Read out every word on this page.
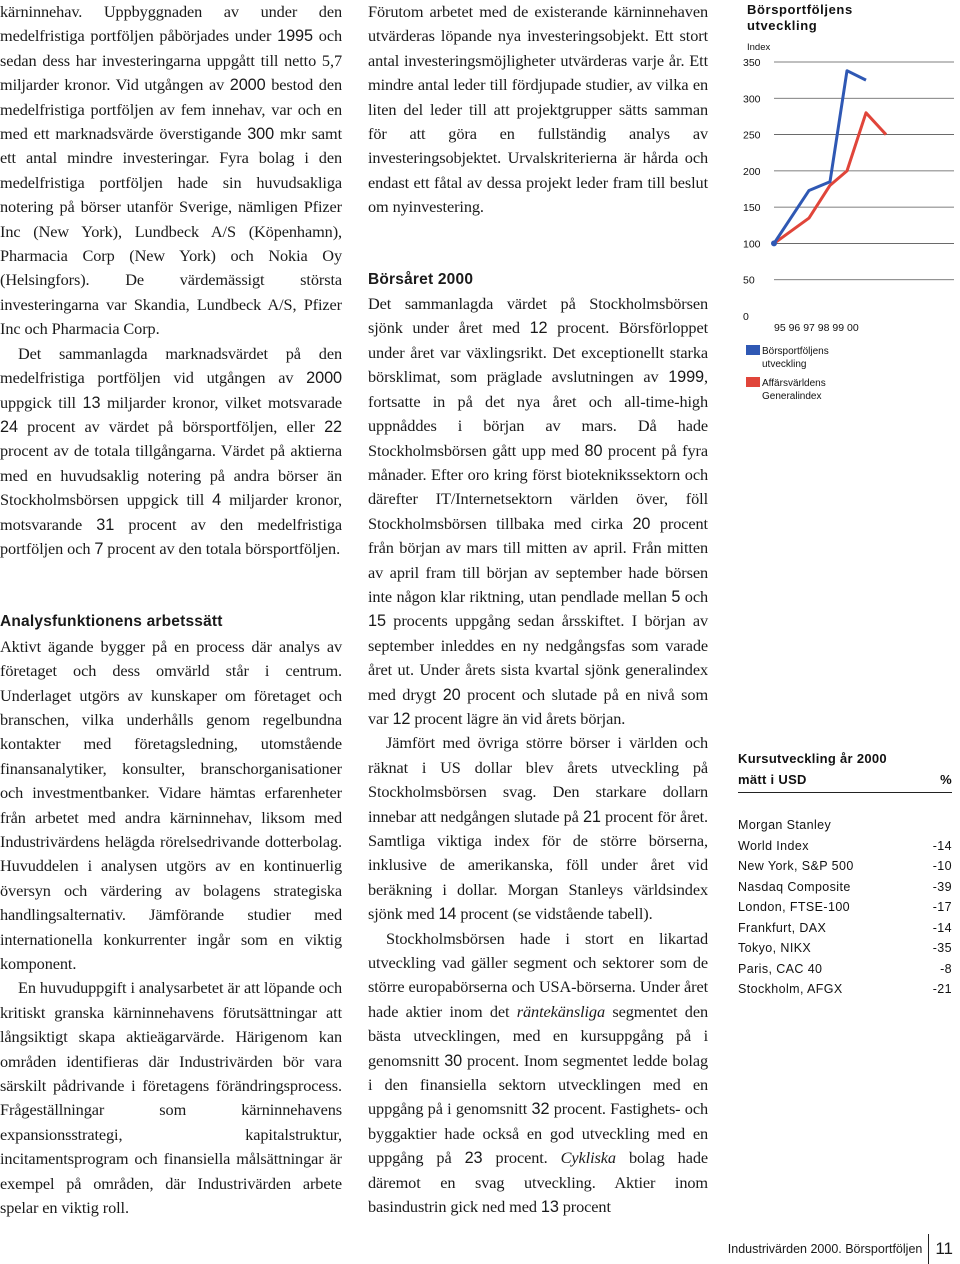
kärninnehav. Uppbyggnaden av under den medelfristiga portföljen påbörjades under 1995 och sedan dess har investeringarna uppgått till netto 5,7 miljarder kronor. Vid utgången av 2000 bestod den medelfristiga portföljen av fem innehav, var och en med ett marknadsvärde överstigande 300 mkr samt ett antal mindre investeringar. Fyra bolag i den medelfristiga portföljen hade sin huvudsakliga notering på börser utanför Sverige, nämligen Pfizer Inc (New York), Lundbeck A/S (Köpenhamn), Pharmacia Corp (New York) och Nokia Oy (Helsingfors). De värdemässigt största investeringarna var Skandia, Lundbeck A/S, Pfizer Inc och Pharmacia Corp.

Det sammanlagda marknadsvärdet på den medelfristiga portföljen vid utgången av 2000 uppgick till 13 miljarder kronor, vilket motsvarade 24 procent av värdet på börsportföljen, eller 22 procent av de totala tillgångarna. Värdet på aktierna med en huvudsaklig notering på andra börser än Stockholmsbörsen uppgick till 4 miljarder kronor, motsvarande 31 procent av den medelfristiga portföljen och 7 procent av den totala börsportföljen.

Analysfunktionens arbetssätt

Aktivt ägande bygger på en process där analys av företaget och dess omvärld står i centrum. Underlaget utgörs av kunskaper om företaget och branschen, vilka underhålls genom regelbundna kontakter med företagsledning, utomstående finansanalytiker, konsulter, branschorganisationer och investmentbanker. Vidare hämtas erfarenheter från arbetet med andra kärninnehav, liksom med Industrivärdens helägda rörelsedrivande dotterbolag. Huvuddelen i analysen utgörs av en kontinuerlig översyn och värdering av bolagens strategiska handlingsalternativ. Jämförande studier med internationella konkurrenter ingår som en viktig komponent.

En huvuduppgift i analysarbetet är att löpande och kritiskt granska kärninnehavens förutsättningar att långsiktigt skapa aktieägarvärde. Härigenom kan områden identifieras där Industrivärden bör vara särskilt pådrivande i företagens förändringsprocess. Frågeställningar som kärninnehavens expansionsstrategi, kapitalstruktur, incitamentsprogram och finansiella målsättningar är exempel på områden, där Industrivärden arbete spelar en viktig roll.

Förutom arbetet med de existerande kärninnehaven utvärderas löpande nya investeringsobjekt. Ett stort antal investeringsmöjligheter utvärderas varje år. Ett mindre antal leder till fördjupade studier, av vilka en liten del leder till att projektgrupper sätts samman för att göra en fullständig analys av investeringsobjektet. Urvalskriterierna är hårda och endast ett fåtal av dessa projekt leder fram till beslut om nyinvestering.

Börsåret 2000

Det sammanlagda värdet på Stockholmsbörsen sjönk under året med 12 procent. Börsförloppet under året var växlingsrikt. Det exceptionellt starka börsklimat, som präglade avslutningen av 1999, fortsatte in på det nya året och all-time-high uppnåddes i början av mars. Då hade Stockholmsbörsen gått upp med 80 procent på fyra månader. Efter oro kring först bioteknikssektorn och därefter IT/Internetsektorn världen över, föll Stockholmsbörsen tillbaka med cirka 20 procent från början av mars till mitten av april. Från mitten av april fram till början av september hade börsen inte någon klar riktning, utan pendlade mellan 5 och 15 procents uppgång sedan årsskiftet. I början av september inleddes en ny nedgångsfas som varade året ut. Under årets sista kvartal sjönk generalindex med drygt 20 procent och slutade på en nivå som var 12 procent lägre än vid årets början.

Jämfört med övriga större börser i världen och räknat i US dollar blev årets utveckling på Stockholmsbörsen svag. Den starkare dollarn innebar att nedgången slutade på 21 procent för året. Samtliga viktiga index för de större börserna, inklusive de amerikanska, föll under året vid beräkning i dollar. Morgan Stanleys världsindex sjönk med 14 procent (se vidstående tabell).

Stockholmsbörsen hade i stort en likartad utveckling vad gäller segment och sektorer som de större europabörserna och USA-börserna. Under året hade aktier inom det räntekänsliga segmentet den bästa utvecklingen, med en kursuppgång på i genomsnitt 30 procent. Inom segmentet ledde bolag i den finansiella sektorn utvecklingen med en uppgång på i genomsnitt 32 procent. Fastighets- och byggaktier hade också en god utveckling med en uppgång på 23 procent. Cykliska bolag hade däremot en svag utveckling. Aktier inom basindustrin gick ned med 13 procent

Börsportföljens
utveckling
Index
350
300
250
200
150
100
50
0
95 96 97 98 99 00
Börsportföljens
utveckling
Affärsvärldens
Generalindex
Kursutveckling år 2000
mätt i USD	%
Morgan Stanley
World Index	-14
New York, S&P 500	-10
Nasdaq Composite	-39
London, FTSE-100	-17
Frankfurt, DAX	-14
Tokyo, NIKX	-35
Paris, CAC 40	-8
Stockholm, AFGX	-21
Industrivärden 2000. Börsportföljen 11
